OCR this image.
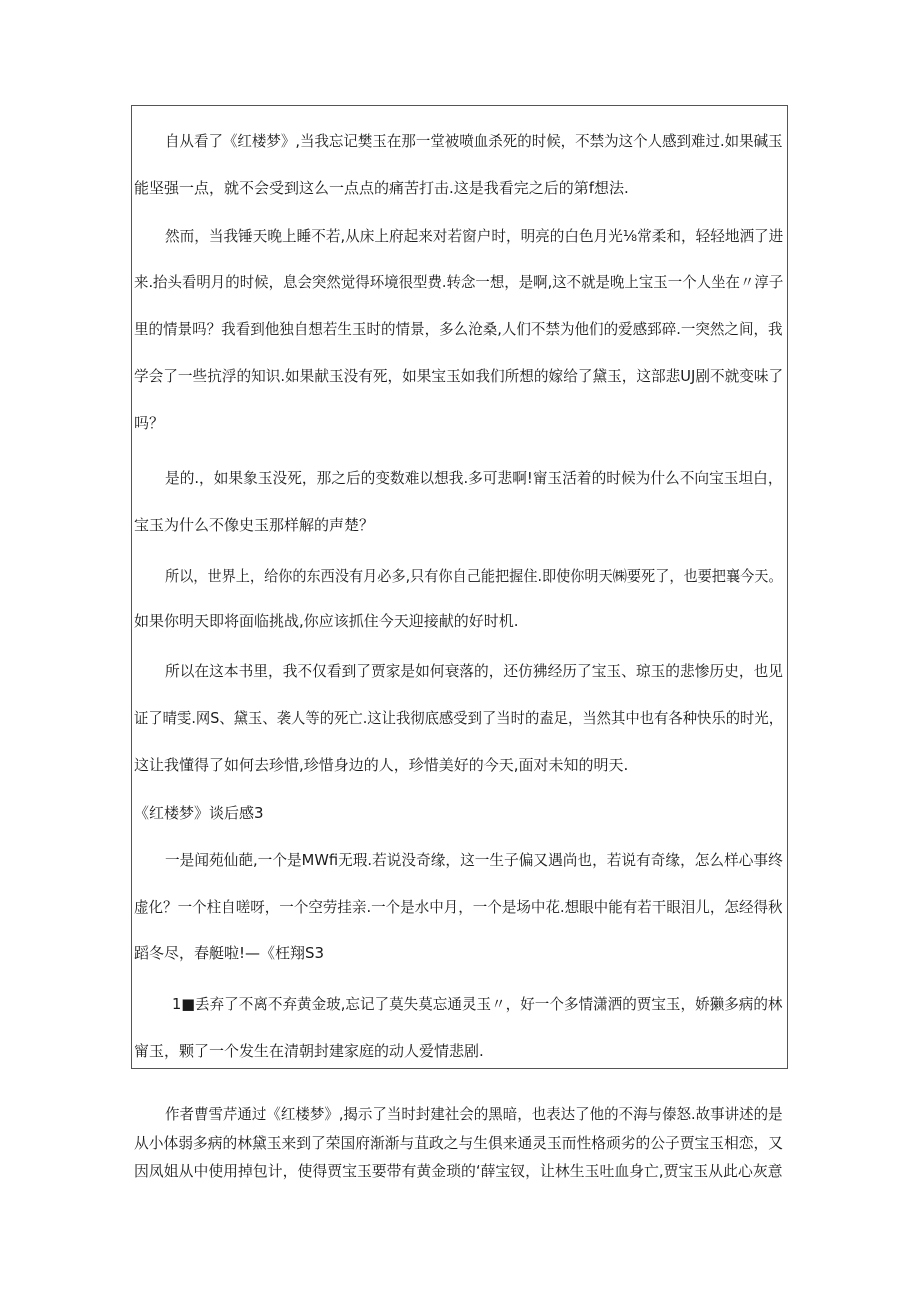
自从看了《红楼梦》,当我忘记樊玉在那一堂被喷血杀死的时候，不禁为这个人感到难过.如果碱玉

能坚强一点，就不会受到这么一点点的痛苦打击.这是我看完之后的第f想法.

然而，当我锤天晚上睡不若,从床上府起来对若窗户时，明亮的白色月光⅛常柔和，轻轻地洒了进

来.抬头看明月的时候，息会突然觉得环境很型费.转念一想，是啊,这不就是晚上宝玉一个人坐在〃淳子

里的情景吗？我看到他独自想若生玉时的情景，多么沧桑,人们不禁为他们的爱感郅碎.一突然之间，我

学会了一些抗浮的知识.如果献玉没有死，如果宝玉如我们所想的嫁给了黛玉，这部悲UJ剧不就变味了

吗？

是的.，如果象玉没死，那之后的变数难以想我.多可悲啊!甯玉活着的时候为什么不向宝玉坦白，

宝玉为什么不像史玉那样解的声楚？

所以，世界上，给你的东西没有月必多,只有你自己能把握住.即使你明天㈱要死了，也要把襄今天。

如果你明天即将面临挑战,你应该抓住今天迎接献的好时机.

所以在这本书里，我不仅看到了贾家是如何衰落的，还仿狒经历了宝玉、琼玉的悲惨历史，也见

证了晴雯.网S、黛玉、袭人等的死亡.这让我彻底感受到了当时的盍足，当然其中也有各种快乐的时光，

这让我懂得了如何去珍惜,珍惜身边的人，珍惜美好的今天,面对未知的明天.

《红楼梦》谈后感3

一是闻苑仙葩,一个是MWfi无瑕.若说没奇缘，这一生子偏又遇尚也，若说有奇缘，怎么样心事终

虚化？一个柱自嗟呀，一个空劳挂亲.一个是水中月，一个是场中花.想眼中能有若干眼泪儿，怎经得秋

蹈冬尽，春艇啦!—《枉翔S3

1■丢弃了不离不弃黄金玻,忘记了莫失莫忘通灵玉〃，好一个多情潇洒的贾宝玉，娇獭多病的林

甯玉，颗了一个发生在清朝封建家庭的动人爱情悲剧.

作者曹雪芹通过《红楼梦》,揭示了当时封建社会的黑暗，也表达了他的不海与傣怒.故事讲述的是

从小体弱多病的林黛玉来到了荣国府渐渐与苴政之与生俱来通灵玉而性格顽劣的公子贾宝玉相恋，又

因凤姐从中使用掉包计，使得贾宝玉要带有黄金琐的‘薛宝钗，让林生玉吐血身亡,贾宝玉从此心灰意
